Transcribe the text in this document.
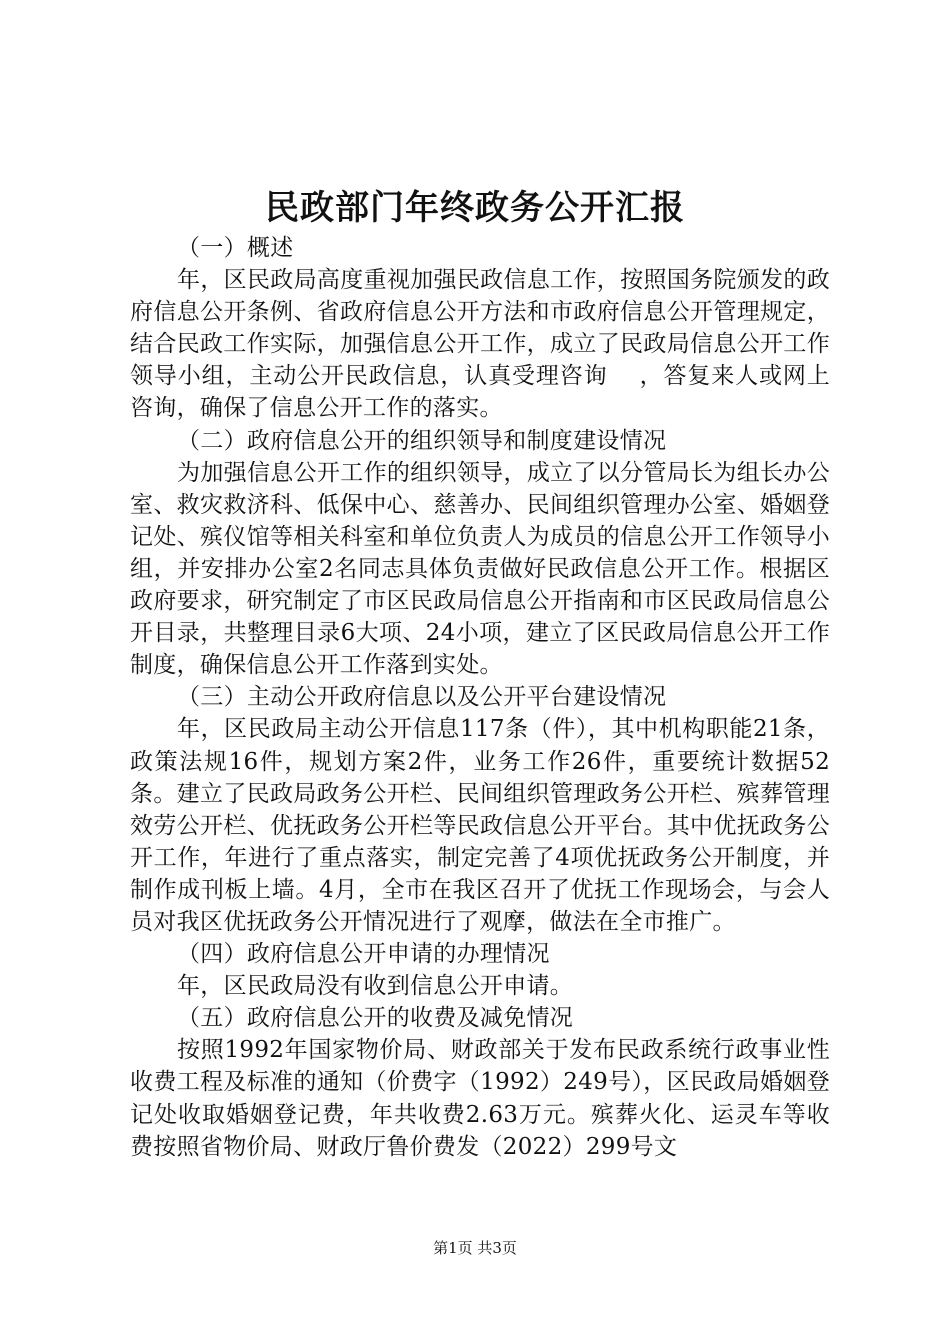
民政部门年终政务公开汇报

（一）概述

年，区民政局高度重视加强民政信息工作，按照国务院颁发的政府信息公开条例、省政府信息公开方法和市政府信息公开管理规定，结合民政工作实际，加强信息公开工作，成立了民政局信息公开工作领导小组，主动公开民政信息，认真受理咨询　 ，答复来人或网上咨询，确保了信息公开工作的落实。

（二）政府信息公开的组织领导和制度建设情况

为加强信息公开工作的组织领导，成立了以分管局长为组长办公室、救灾救济科、低保中心、慈善办、民间组织管理办公室、婚姻登记处、殡仪馆等相关科室和单位负责人为成员的信息公开工作领导小组，并安排办公室2名同志具体负责做好民政信息公开工作。根据区政府要求，研究制定了市区民政局信息公开指南和市区民政局信息公开目录，共整理目录6大项、24小项，建立了区民政局信息公开工作制度，确保信息公开工作落到实处。

（三）主动公开政府信息以及公开平台建设情况

年，区民政局主动公开信息117条（件），其中机构职能21条，政策法规16件，规划方案2件，业务工作26件，重要统计数据52条。建立了民政局政务公开栏、民间组织管理政务公开栏、殡葬管理效劳公开栏、优抚政务公开栏等民政信息公开平台。其中优抚政务公开工作，年进行了重点落实，制定完善了4项优抚政务公开制度，并制作成刊板上墙。4月，全市在我区召开了优抚工作现场会，与会人员对我区优抚政务公开情况进行了观摩，做法在全市推广。

（四）政府信息公开申请的办理情况

年，区民政局没有收到信息公开申请。

（五）政府信息公开的收费及减免情况

按照1992年国家物价局、财政部关于发布民政系统行政事业性收费工程及标准的通知（价费字（1992）249号），区民政局婚姻登记处收取婚姻登记费，年共收费2.63万元。殡葬火化、运灵车等收费按照省物价局、财政厅鲁价费发（2022）299号文

第1页 共3页
